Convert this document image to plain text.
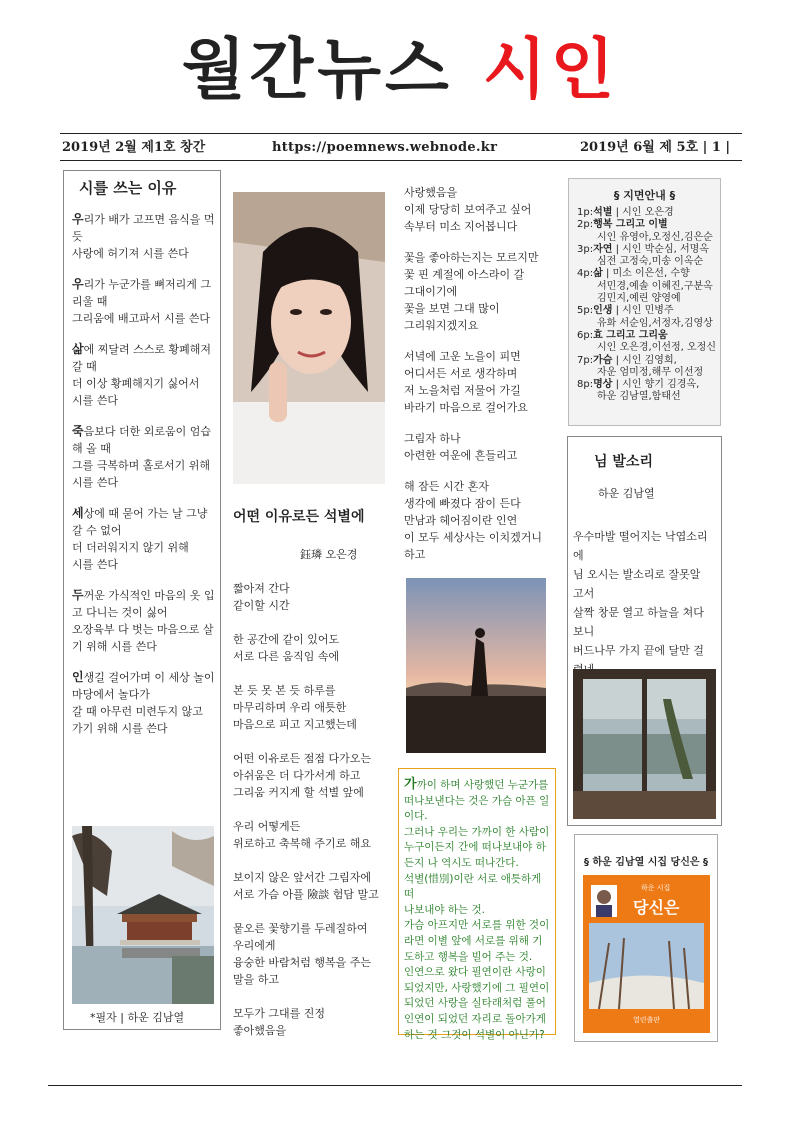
월간뉴스 시인
2019년 2월 제1호 창간	https://poemnews.webnode.kr	2019년 6월 제 5호 | 1 |
시를 쓰는 이유
우리가 배가 고프면 음식을 먹
듯
사랑에 허기져 시를 쓴다
우리가 누군가를 뼈저리게 그
리울 때
그리움에 배고파서 시를 쓴다
삶에 찌달려 스스로 황폐해져
갈 때
더 이상 황폐해지기 싫어서
시를 쓴다
죽음보다 더한 외로움이 엄습
해 올 때
그를 극복하며 홀로서기 위해
시를 쓴다
세상에 때 묻어 가는 날 그냥
갈 수 없어
더 더러워지지 않기 위해
시를 쓴다
두꺼운 가식적인 마음의 옷 입
고 다니는 것이 싫어
오장육부 다 벗는 마음으로 살
기 위해 시를 쓴다
인생길 걸어가며 이 세상 놀이
마당에서 놀다가
갈 때 아무런 미련두지 않고
가기 위해 시를 쓴다
*필자 | 하운 김남열
어떤 이유로든 석별에
鈺璘 오은경
짧아져 간다
같이할 시간
한 공간에 같이 있어도
서로 다른 움직임 속에
본 듯 못 본 듯 하루를
마무리하며 우리 애틋한
마음으로 피고 지고했는데
어떤 이유로든 점점 다가오는
아쉬움은 더 다가서게 하고
그리움 커지게 할 석별 앞에
우리 어떻게든
위로하고 축복해 주기로 해요
보이지 않은 앞서간 그림자에
서로 가슴 아플 險談 험담 말고
뭍오른 꽃향기를 두레질하여
우리에게
융숭한 바람처럼 행복을 주는
말을 하고
모두가 그대를 진정
좋아했음을
사랑했음을
이제 당당히 보여주고 싶어
속부터 미소 지어봅니다
꽃을 좋아하는지는 모르지만
꽃 핀 계절에 아스라이 갈
그대이기에
꽃을 보면 그대 많이
그리워지겠지요
서녘에 고운 노을이 피면
어디서든 서로 생각하며
저 노을처럼 저물어 가길
바라기 마음으로 걸어가요
그림자 하나
아련한 여운에 흔들리고
해 잠든 시간 혼자
생각에 빠졌다 잠이 든다
만남과 헤어짐이란 인연
이 모두 세상사는 이치겠거니
하고
가까이 하며 사랑했던 누군가를
떠나보낸다는 것은 가슴 아픈 일
이다.
그러나 우리는 가까이 한 사람이
누구이든지 간에 떠나보내야 하
든지 나 역시도 떠나간다.
석별(惜別)이란 서로 애틋하게 떠
나보내야 하는 것.
가슴 아프지만 서로를 위한 것이
라면 이별 앞에 서로를 위해 기
도하고 행복을 빌어 주는 것.
인연으로 왔다 필연이란 사랑이
되었지만, 사랑했기에 그 필연이
되었던 사랑을 실타래처럼 풀어
인연이 되었던 자리로 돌아가게
하는 것 그것이 석별이 아닌가?
§ 지면안내 §
1p:석별 | 시인 오은경
2p:행복 그리고 이별
시인 유영아,오정신,김은순
3p:자연 | 시인 박순심, 서명옥
심전 고정숙,미송 이옥순
4p:삶 | 미소 이은선, 수향
서민경,예솔 이혜진,구분옥
김민지,예린 양영예
5p:인생 | 시인 민병주
유화 서순임,서정자,김영상
6p:효 그리고 그리움
시인 오은경,이선정, 오정신
7p:가슴 | 시인 김영희,
자운 엄미정,해무 이선정
8p:명상 | 시인 향기 김경옥,
하운 김남열,함태선
님 발소리
하운 김남열
우수마발 떨어지는 낙엽소리
에
님 오시는 발소리로 잘못알
고서
살짝 창문 열고 하늘을 쳐다
보니
버드나무 가지 끝에 달만 걸
§ 하운 김남열 시집 당신은 §
하운 시집
당신은
열린출판
